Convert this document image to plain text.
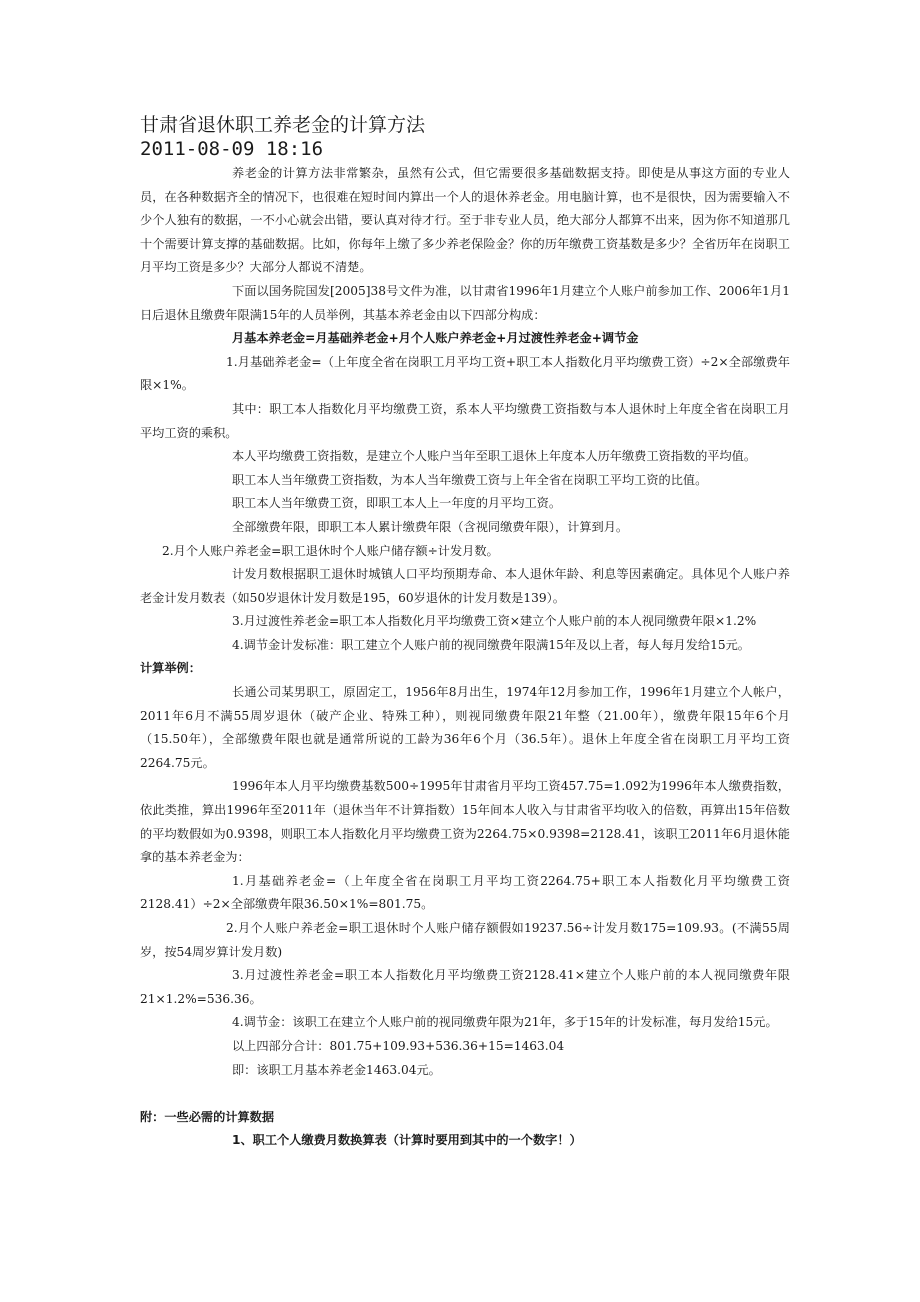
甘肃省退休职工养老金的计算方法
2011-08-09 18:16

养老金的计算方法非常繁杂，虽然有公式，但它需要很多基础数据支持。即使是从事这方面的专业人员，在各种数据齐全的情况下，也很难在短时间内算出一个人的退休养老金。用电脑计算，也不是很快，因为需要输入不少个人独有的数据，一不小心就会出错，要认真对待才行。至于非专业人员，绝大部分人都算不出来，因为你不知道那几十个需要计算支撑的基础数据。比如，你每年上缴了多少养老保险金？你的历年缴费工资基数是多少？全省历年在岗职工月平均工资是多少？大部分人都说不清楚。

下面以国务院国发[2005]38号文件为准，以甘肃省1996年1月建立个人账户前参加工作、2006年1月1日后退休且缴费年限满15年的人员举例，其基本养老金由以下四部分构成：

月基本养老金=月基础养老金+月个人账户养老金+月过渡性养老金+调节金

1.月基础养老金=（上年度全省在岗职工月平均工资+职工本人指数化月平均缴费工资）÷2×全部缴费年限×1%。

其中：职工本人指数化月平均缴费工资，系本人平均缴费工资指数与本人退休时上年度全省在岗职工月平均工资的乘积。

本人平均缴费工资指数，是建立个人账户当年至职工退休上年度本人历年缴费工资指数的平均值。

职工本人当年缴费工资指数，为本人当年缴费工资与上年全省在岗职工平均工资的比值。

职工本人当年缴费工资，即职工本人上一年度的月平均工资。

全部缴费年限，即职工本人累计缴费年限（含视同缴费年限），计算到月。

2.月个人账户养老金=职工退休时个人账户储存额÷计发月数。

计发月数根据职工退休时城镇人口平均预期寿命、本人退休年龄、利息等因素确定。具体见个人账户养老金计发月数表（如50岁退休计发月数是195，60岁退休的计发月数是139）。

3.月过渡性养老金=职工本人指数化月平均缴费工资×建立个人账户前的本人视同缴费年限×1.2%

4.调节金计发标准：职工建立个人账户前的视同缴费年限满15年及以上者，每人每月发给15元。

计算举例：

长通公司某男职工，原固定工，1956年8月出生，1974年12月参加工作，1996年1月建立个人帐户，2011年6月不满55周岁退休（破产企业、特殊工种），则视同缴费年限21年整（21.00年），缴费年限15年6个月（15.50年），全部缴费年限也就是通常所说的工龄为36年6个月（36.5年）。退休上年度全省在岗职工月平均工资2264.75元。

1996年本人月平均缴费基数500÷1995年甘肃省月平均工资457.75=1.092为1996年本人缴费指数，依此类推，算出1996年至2011年（退休当年不计算指数）15年间本人收入与甘肃省平均收入的倍数，再算出15年倍数的平均数假如为0.9398，则职工本人指数化月平均缴费工资为2264.75×0.9398=2128.41，该职工2011年6月退休能拿的基本养老金为：

1.月基础养老金=（上年度全省在岗职工月平均工资2264.75+职工本人指数化月平均缴费工资2128.41）÷2×全部缴费年限36.50×1%=801.75。

2.月个人账户养老金=职工退休时个人账户储存额假如19237.56÷计发月数175=109.93。(不满55周岁，按54周岁算计发月数)

3.月过渡性养老金=职工本人指数化月平均缴费工资2128.41×建立个人账户前的本人视同缴费年限21×1.2%=536.36。

4.调节金：该职工在建立个人账户前的视同缴费年限为21年，多于15年的计发标准，每月发给15元。

以上四部分合计：801.75+109.93+536.36+15=1463.04

即：该职工月基本养老金1463.04元。

附：一些必需的计算数据

1、职工个人缴费月数换算表（计算时要用到其中的一个数字！）
